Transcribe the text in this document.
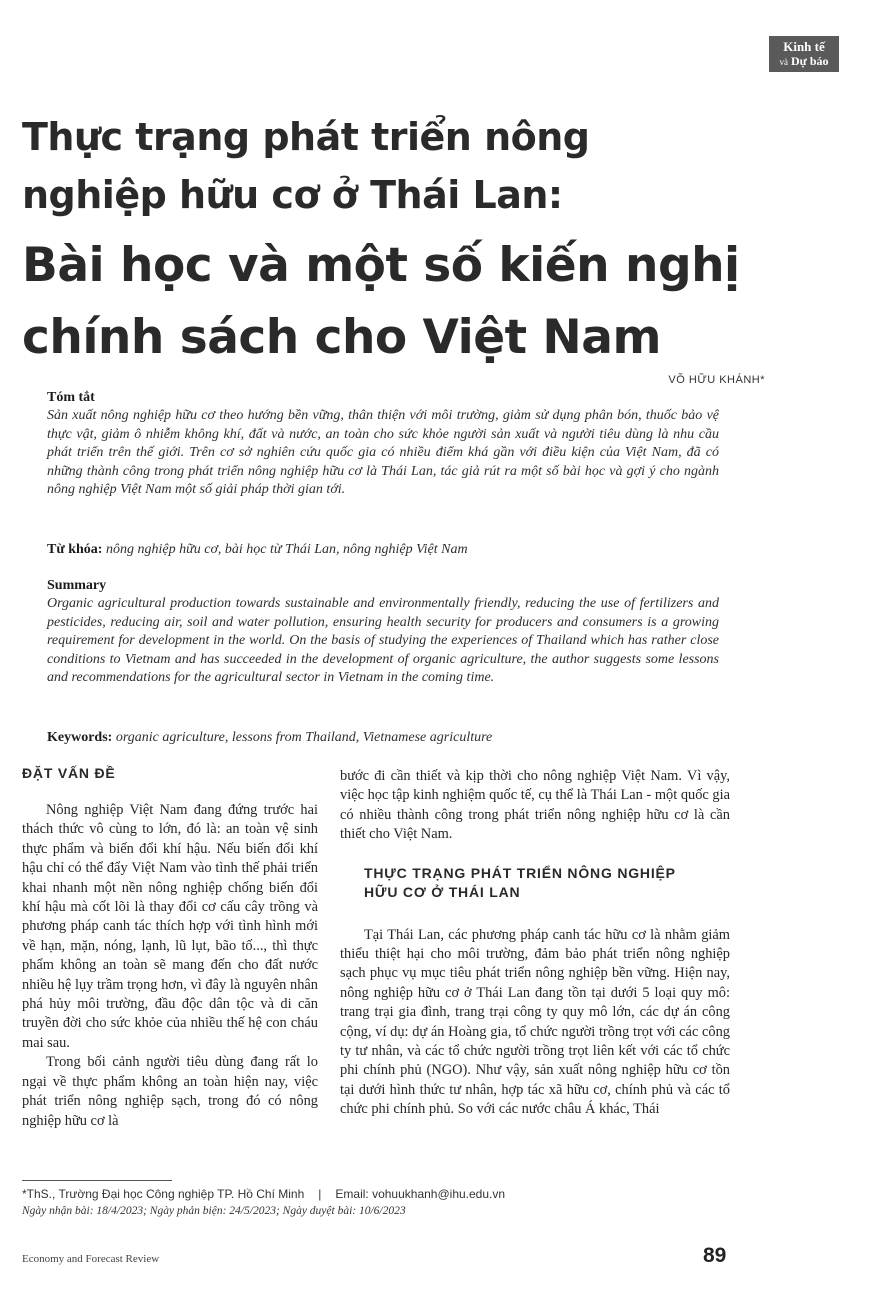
Kinh tế
và Dự báo
Thực trạng phát triển nông
nghiệp hữu cơ ở Thái Lan:
Bài học và một số kiến nghị
chính sách cho Việt Nam
VÕ HỮU KHÁNH*

Tóm tắt

Sản xuất nông nghiệp hữu cơ theo hướng bền vững, thân thiện với môi trường, giảm sử dụng phân bón, thuốc bảo vệ thực vật, giảm ô nhiễm không khí, đất và nước, an toàn cho sức khỏe người sản xuất và người tiêu dùng là nhu cầu phát triển trên thế giới. Trên cơ sở nghiên cứu quốc gia có nhiều điểm khá gần với điều kiện của Việt Nam, đã có những thành công trong phát triển nông nghiệp hữu cơ là Thái Lan, tác giả rút ra một số bài học và gợi ý cho ngành nông nghiệp Việt Nam một số giải pháp thời gian tới.

Từ khóa: nông nghiệp hữu cơ, bài học từ Thái Lan, nông nghiệp Việt Nam

Summary

Organic agricultural production towards sustainable and environmentally friendly, reducing the use of fertilizers and pesticides, reducing air, soil and water pollution, ensuring health security for producers and consumers is a growing requirement for development in the world. On the basis of studying the experiences of Thailand which has rather close conditions to Vietnam and has succeeded in the development of organic agriculture, the author suggests some lessons and recommendations for the agricultural sector in Vietnam in the coming time.

Keywords: organic agriculture, lessons from Thailand, Vietnamese agriculture

ĐẶT VẤN ĐỀ

Nông nghiệp Việt Nam đang đứng trước hai thách thức vô cùng to lớn, đó là: an toàn vệ sinh thực phẩm và biến đổi khí hậu. Nếu biến đổi khí hậu chỉ có thể đẩy Việt Nam vào tình thế phải triển khai nhanh một nền nông nghiệp chống biến đổi khí hậu mà cốt lõi là thay đổi cơ cấu cây trồng và phương pháp canh tác thích hợp với tình hình mới về hạn, mặn, nóng, lạnh, lũ lụt, bão tố..., thì thực phẩm không an toàn sẽ mang đến cho đất nước nhiều hệ lụy trầm trọng hơn, vì đây là nguyên nhân phá hủy môi trường, đầu độc dân tộc và di căn truyền đời cho sức khỏe của nhiều thế hệ con cháu mai sau.

Trong bối cảnh người tiêu dùng đang rất lo ngại về thực phẩm không an toàn hiện nay, việc phát triển nông nghiệp sạch, trong đó có nông nghiệp hữu cơ là

bước đi cần thiết và kịp thời cho nông nghiệp Việt Nam. Vì vậy, việc học tập kinh nghiệm quốc tế, cụ thể là Thái Lan - một quốc gia có nhiều thành công trong phát triển nông nghiệp hữu cơ là cần thiết cho Việt Nam.

THỰC TRẠNG PHÁT TRIỂN NÔNG NGHIỆP

HỮU CƠ Ở THÁI LAN

Tại Thái Lan, các phương pháp canh tác hữu cơ là nhằm giảm thiểu thiệt hại cho môi trường, đảm bảo phát triển nông nghiệp sạch phục vụ mục tiêu phát triển nông nghiệp bền vững. Hiện nay, nông nghiệp hữu cơ ở Thái Lan đang tồn tại dưới 5 loại quy mô: trang trại gia đình, trang trại công ty quy mô lớn, các dự án công cộng, ví dụ: dự án Hoàng gia, tổ chức người trồng trọt với các công ty tư nhân, và các tổ chức người trồng trọt liên kết với các tổ chức phi chính phủ (NGO). Như vậy, sản xuất nông nghiệp hữu cơ tồn tại dưới hình thức tư nhân, hợp tác xã hữu cơ, chính phủ và các tổ chức phi chính phủ. So với các nước châu Á khác, Thái

*ThS., Trường Đại học Công nghiệp TP. Hồ Chí Minh | Email: vohuukhanh@ihu.edu.vn
Ngày nhận bài: 18/4/2023; Ngày phản biện: 24/5/2023; Ngày duyệt bài: 10/6/2023
Economy and Forecast Review	89
